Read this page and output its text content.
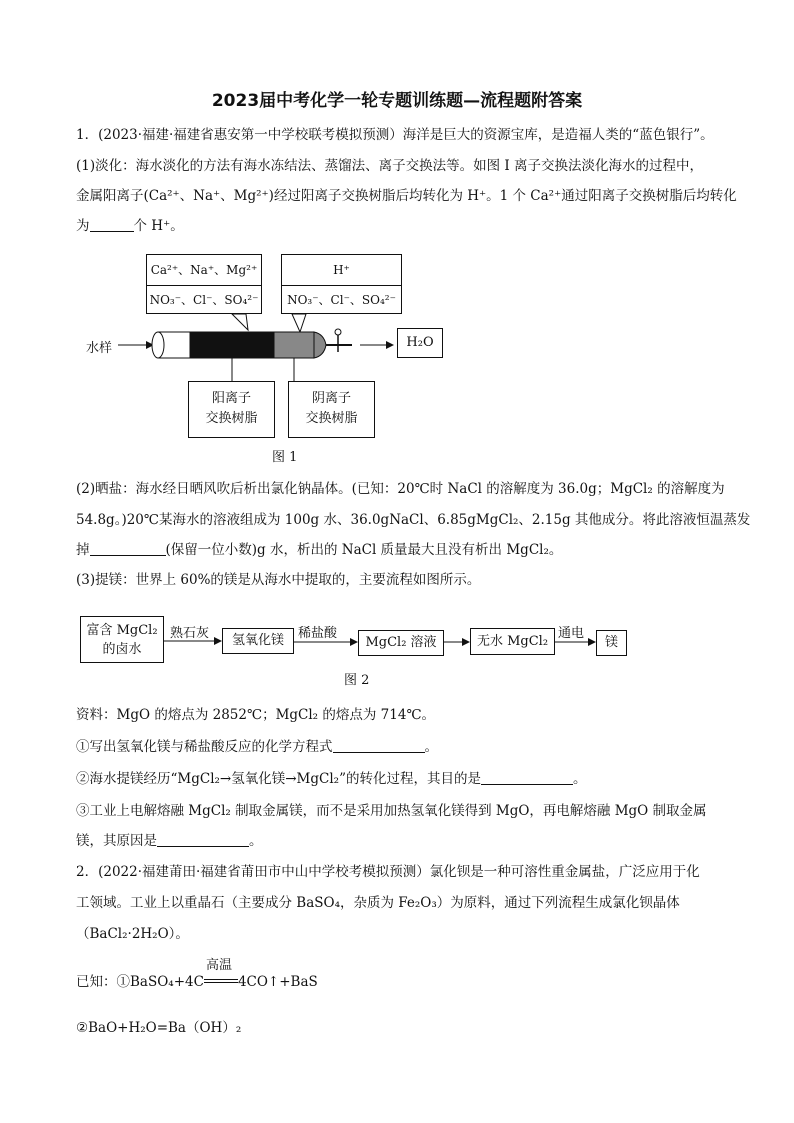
2023届中考化学一轮专题训练题—流程题附答案
1．(2023·福建·福建省惠安第一中学校联考模拟预测）海洋是巨大的资源宝库，是造福人类的“蓝色银行”。
(1)淡化：海水淡化的方法有海水冻结法、蒸馏法、离子交换法等。如图 I 离子交换法淡化海水的过程中，
金属阳离子(Ca²⁺、Na⁺、Mg²⁺)经过阳离子交换树脂后均转化为 H⁺。1 个 Ca²⁺通过阳离子交换树脂后均转化
为	个 H⁺。
Ca²⁺、Na⁺、Mg²⁺
NO₃⁻、Cl⁻、SO₄²⁻
H⁺
NO₃⁻、Cl⁻、SO₄²⁻
水样	H₂O
阳离子
交换树脂
阴离子
交换树脂
图 1
(2)晒盐：海水经日晒风吹后析出氯化钠晶体。(已知：20℃时 NaCl 的溶解度为 36.0g；MgCl₂ 的溶解度为
54.8g。)20℃某海水的溶液组成为 100g 水、36.0gNaCl、6.85gMgCl₂、2.15g 其他成分。将此溶液恒温蒸发
掉	(保留一位小数)g 水，析出的 NaCl 质量最大且没有析出 MgCl₂。
(3)提镁：世界上 60%的镁是从海水中提取的，主要流程如图所示。
富含 MgCl₂
的卤水
氢氧化镁	MgCl₂ 溶液	无水 MgCl₂	镁
熟石灰	稀盐酸	通电
图 2
资料：MgO 的熔点为 2852℃；MgCl₂ 的熔点为 714℃。
①写出氢氧化镁与稀盐酸反应的化学方程式	。
②海水提镁经历“MgCl₂→氢氧化镁→MgCl₂”的转化过程，其目的是	。
③工业上电解熔融 MgCl₂ 制取金属镁，而不是采用加热氢氧化镁得到 MgO，再电解熔融 MgO 制取金属
镁，其原因是	。
2．(2022·福建莆田·福建省莆田市中山中学校考模拟预测）氯化钡是一种可溶性重金属盐，广泛应用于化
工领域。工业上以重晶石（主要成分 BaSO₄，杂质为 Fe₂O₃）为原料，通过下列流程生成氯化钡晶体
（BaCl₂·2H₂O）。
已知：①BaSO₄+4C
高温
4CO↑+BaS
②BaO+H₂O=Ba（OH）₂
